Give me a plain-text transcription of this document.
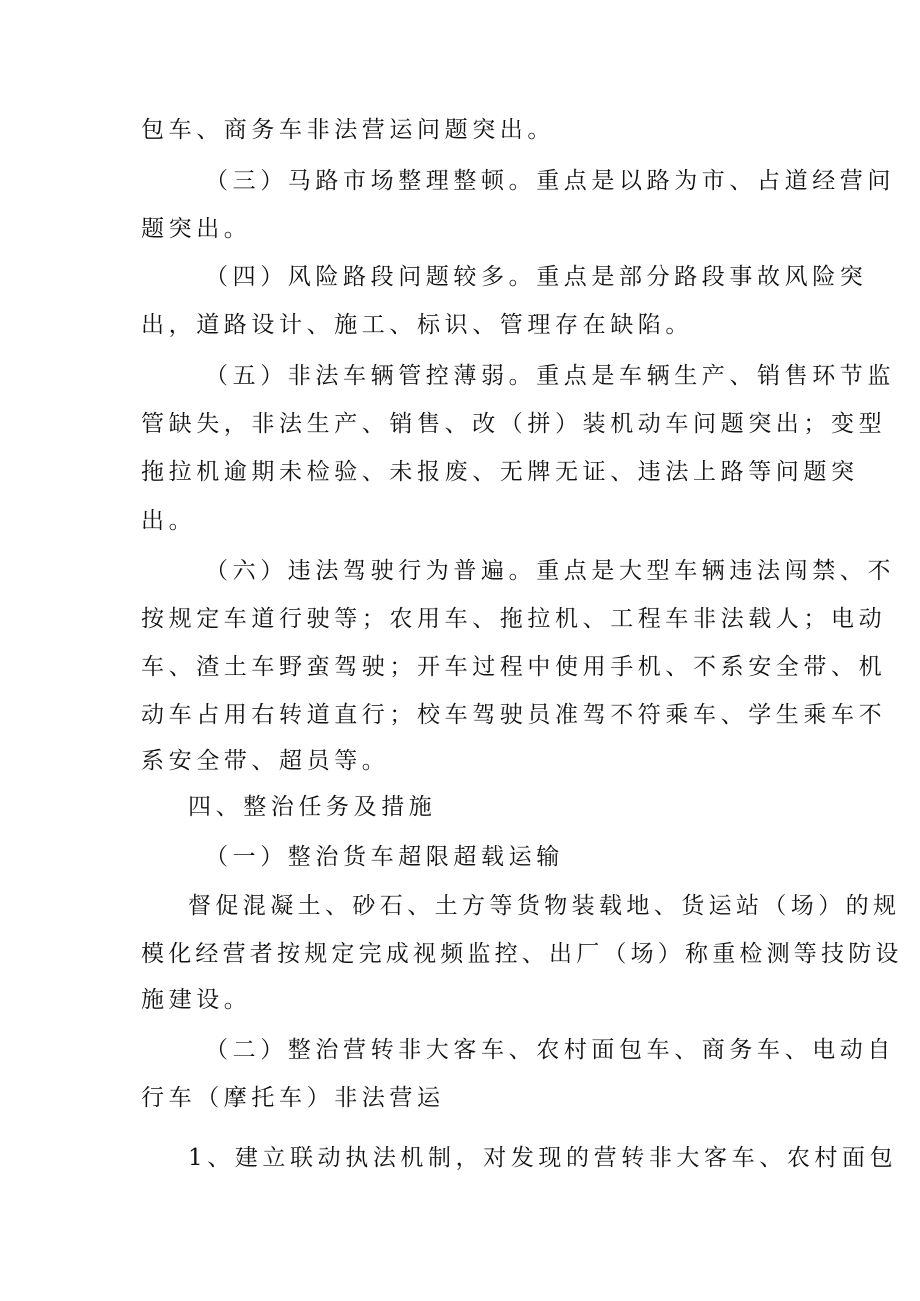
包车、商务车非法营运问题突出。
（三）马路市场整理整顿。重点是以路为市、占道经营问
题突出。
（四）风险路段问题较多。重点是部分路段事故风险突
出，道路设计、施工、标识、管理存在缺陷。
（五）非法车辆管控薄弱。重点是车辆生产、销售环节监
管缺失，非法生产、销售、改（拼）装机动车问题突出；变型
拖拉机逾期未检验、未报废、无牌无证、违法上路等问题突
出。
（六）违法驾驶行为普遍。重点是大型车辆违法闯禁、不
按规定车道行驶等；农用车、拖拉机、工程车非法载人；电动
车、渣土车野蛮驾驶；开车过程中使用手机、不系安全带、机
动车占用右转道直行；校车驾驶员准驾不符乘车、学生乘车不
系安全带、超员等。
四、整治任务及措施
（一）整治货车超限超载运输
督促混凝土、砂石、土方等货物装载地、货运站（场）的规
模化经营者按规定完成视频监控、出厂（场）称重检测等技防设
施建设。
（二）整治营转非大客车、农村面包车、商务车、电动自
行车（摩托车）非法营运
1、建立联动执法机制，对发现的营转非大客车、农村面包
